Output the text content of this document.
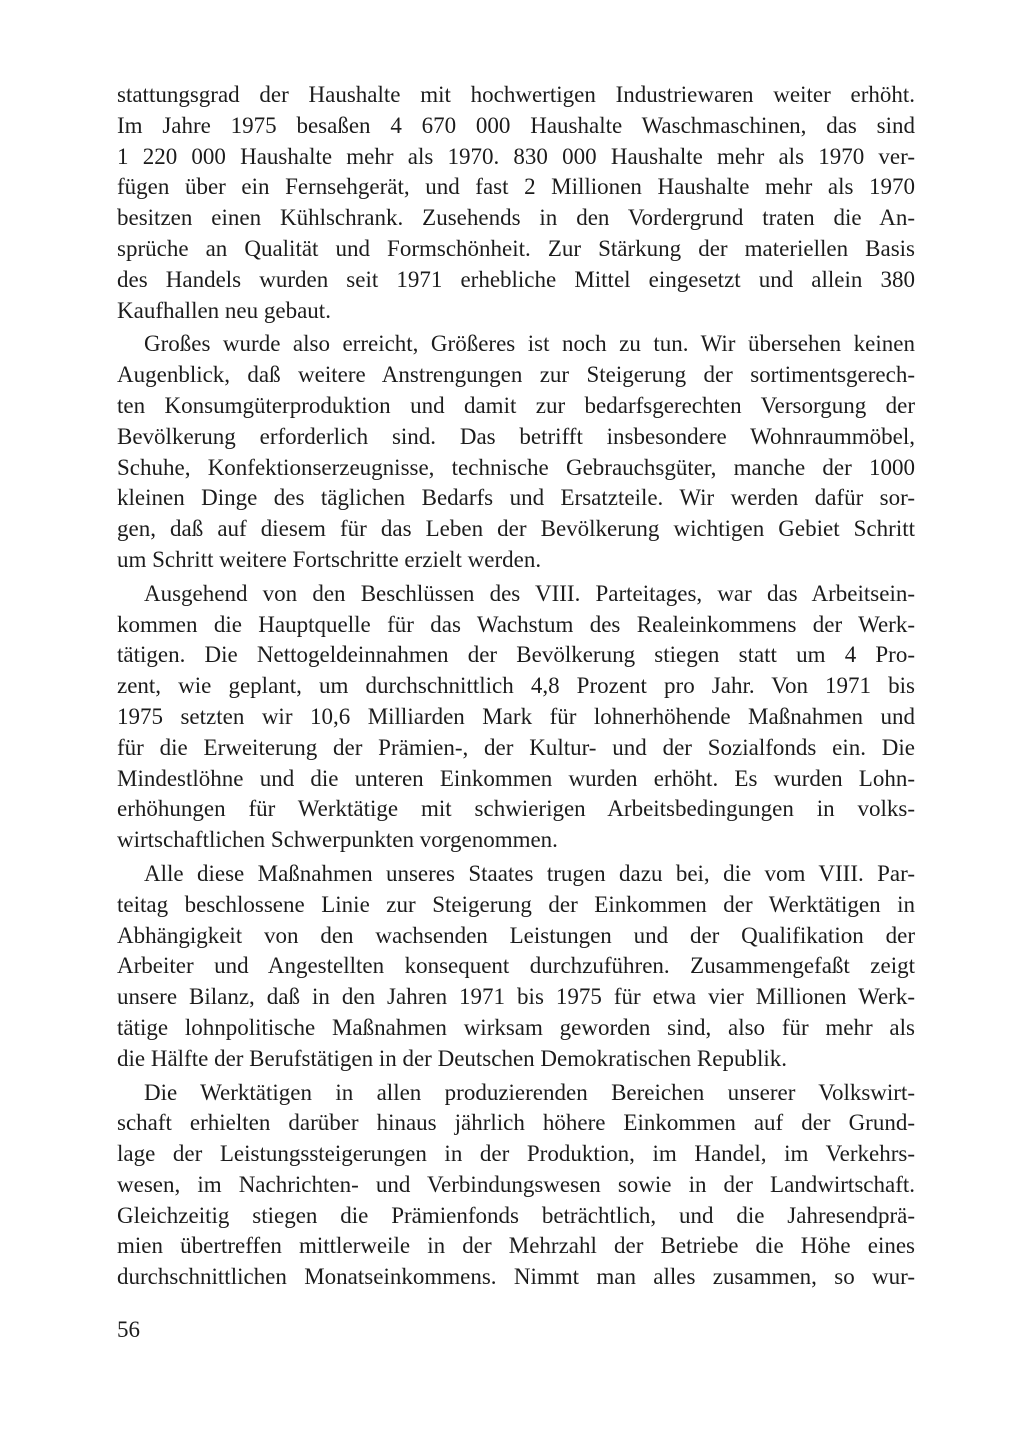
stattungsgrad der Haushalte mit hochwertigen Industriewaren weiter erhöht.
Im Jahre 1975 besaßen 4 670 000 Haushalte Waschmaschinen, das sind
1 220 000 Haushalte mehr als 1970. 830 000 Haushalte mehr als 1970 ver-
fügen über ein Fernsehgerät, und fast 2 Millionen Haushalte mehr als 1970
besitzen einen Kühlschrank. Zusehends in den Vordergrund traten die An-
sprüche an Qualität und Formschönheit. Zur Stärkung der materiellen Basis
des Handels wurden seit 1971 erhebliche Mittel eingesetzt und allein 380
Kaufhallen neu gebaut.

Großes wurde also erreicht, Größeres ist noch zu tun. Wir übersehen keinen
Augenblick, daß weitere Anstrengungen zur Steigerung der sortimentsgerech-
ten Konsumgüterproduktion und damit zur bedarfsgerechten Versorgung der
Bevölkerung erforderlich sind. Das betrifft insbesondere Wohnraummöbel,
Schuhe, Konfektionserzeugnisse, technische Gebrauchsgüter, manche der 1000
kleinen Dinge des täglichen Bedarfs und Ersatzteile. Wir werden dafür sor-
gen, daß auf diesem für das Leben der Bevölkerung wichtigen Gebiet Schritt
um Schritt weitere Fortschritte erzielt werden.

Ausgehend von den Beschlüssen des VIII. Parteitages, war das Arbeitsein-
kommen die Hauptquelle für das Wachstum des Realeinkommens der Werk-
tätigen. Die Nettogeldeinnahmen der Bevölkerung stiegen statt um 4 Pro-
zent, wie geplant, um durchschnittlich 4,8 Prozent pro Jahr. Von 1971 bis
1975 setzten wir 10,6 Milliarden Mark für lohnerhöhende Maßnahmen und
für die Erweiterung der Prämien-, der Kultur- und der Sozialfonds ein. Die
Mindestlöhne und die unteren Einkommen wurden erhöht. Es wurden Lohn-
erhöhungen für Werktätige mit schwierigen Arbeitsbedingungen in volks-
wirtschaftlichen Schwerpunkten vorgenommen.

Alle diese Maßnahmen unseres Staates trugen dazu bei, die vom VIII. Par-
teitag beschlossene Linie zur Steigerung der Einkommen der Werktätigen in
Abhängigkeit von den wachsenden Leistungen und der Qualifikation der
Arbeiter und Angestellten konsequent durchzuführen. Zusammengefaßt zeigt
unsere Bilanz, daß in den Jahren 1971 bis 1975 für etwa vier Millionen Werk-
tätige lohnpolitische Maßnahmen wirksam geworden sind, also für mehr als
die Hälfte der Berufstätigen in der Deutschen Demokratischen Republik.

Die Werktätigen in allen produzierenden Bereichen unserer Volkswirt-
schaft erhielten darüber hinaus jährlich höhere Einkommen auf der Grund-
lage der Leistungssteigerungen in der Produktion, im Handel, im Verkehrs-
wesen, im Nachrichten- und Verbindungswesen sowie in der Landwirtschaft.
Gleichzeitig stiegen die Prämienfonds beträchtlich, und die Jahresendprä-
mien übertreffen mittlerweile in der Mehrzahl der Betriebe die Höhe eines
durchschnittlichen Monatseinkommens. Nimmt man alles zusammen, so wur-

56
